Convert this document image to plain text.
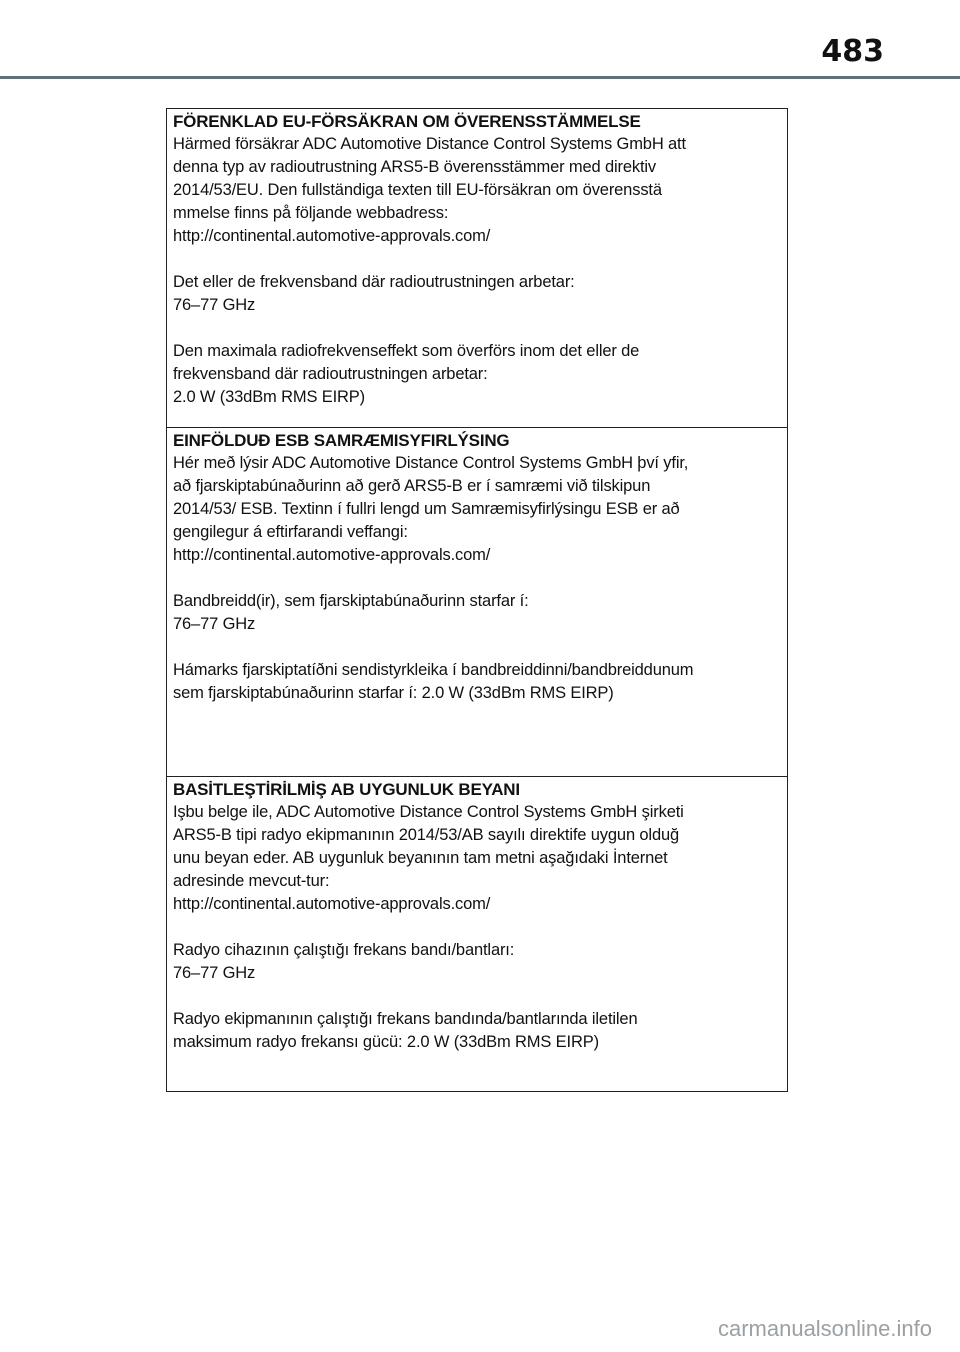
483
FÖRENKLAD EU-FÖRSÄKRAN OM ÖVERENSSTÄMMELSE
Härmed försäkrar ADC Automotive Distance Control Systems GmbH att
denna typ av radioutrustning ARS5-B överensstämmer med direktiv
2014/53/EU. Den fullständiga texten till EU-försäkran om överensstä
mmelse finns på följande webbadress:
http://continental.automotive-approvals.com/
Det eller de frekvensband där radioutrustningen arbetar:
76–77 GHz
Den maximala radiofrekvenseffekt som överförs inom det eller de
frekvensband där radioutrustningen arbetar:
2.0 W (33dBm RMS EIRP)
EINFÖLDUÐ ESB SAMRÆMISYFIRLÝSING
Hér með lýsir ADC Automotive Distance Control Systems GmbH því yfir,
að fjarskiptabúnaðurinn að gerð ARS5-B er í samræmi við tilskipun
2014/53/ ESB. Textinn í fullri lengd um Samræmisyfirlýsingu ESB er að
gengilegur á eftirfarandi veffangi:
http://continental.automotive-approvals.com/
Bandbreidd(ir), sem fjarskiptabúnaðurinn starfar í:
76–77 GHz
Hámarks fjarskiptatíðni sendistyrkleika í bandbreiddinni/bandbreiddunum
sem fjarskiptabúnaðurinn starfar í: 2.0 W (33dBm RMS EIRP)
BASİTLEŞTİRİLMİŞ AB UYGUNLUK BEYANI
Işbu belge ile, ADC Automotive Distance Control Systems GmbH şirketi
ARS5-B tipi radyo ekipmanının 2014/53/AB sayılı direktife uygun olduğ
unu beyan eder. AB uygunluk beyanının tam metni aşağıdaki İnternet
adresinde mevcut-tur:
http://continental.automotive-approvals.com/
Radyo cihazının çalıştığı frekans bandı/bantları:
76–77 GHz
Radyo ekipmanının çalıştığı frekans bandında/bantlarında iletilen
maksimum radyo frekansı gücü: 2.0 W (33dBm RMS EIRP)
carmanualsonline.info
